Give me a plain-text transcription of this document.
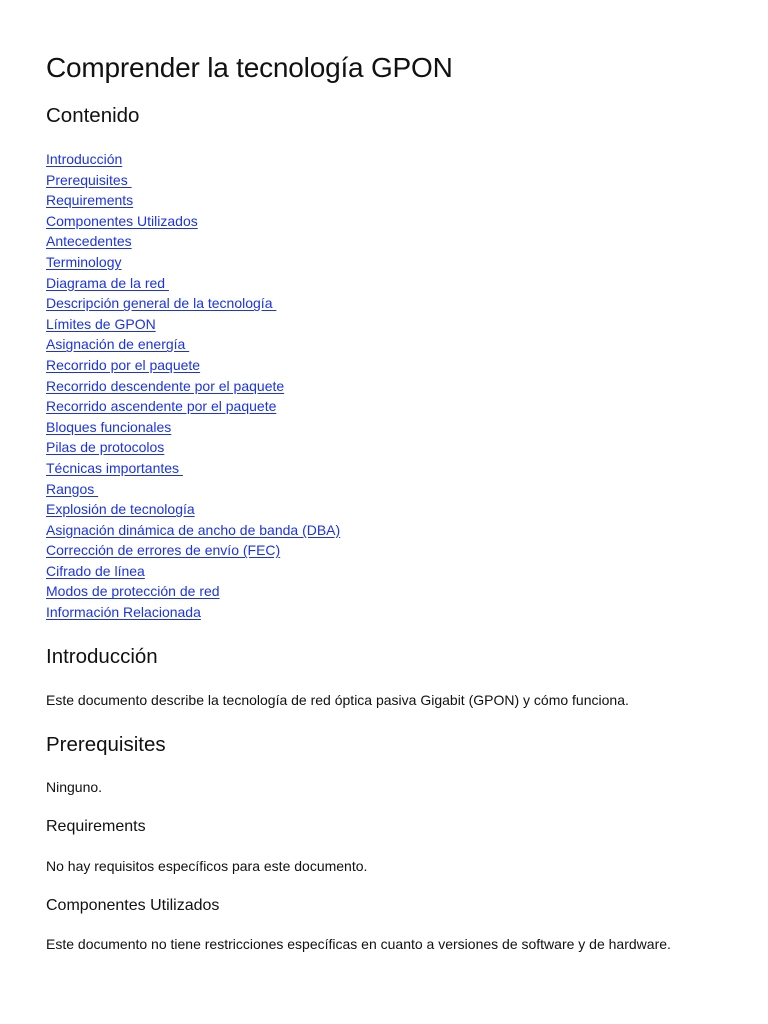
Comprender la tecnología GPON
Contenido
Introducción
Prerequisites
Requirements
Componentes Utilizados
Antecedentes
Terminology
Diagrama de la red
Descripción general de la tecnología
Límites de GPON
Asignación de energía
Recorrido por el paquete
Recorrido descendente por el paquete
Recorrido ascendente por el paquete
Bloques funcionales
Pilas de protocolos
Técnicas importantes
Rangos
Explosión de tecnología
Asignación dinámica de ancho de banda (DBA)
Corrección de errores de envío (FEC)
Cifrado de línea
Modos de protección de red
Información Relacionada
Introducción

Este documento describe la tecnología de red óptica pasiva Gigabit (GPON) y cómo funciona.

Prerequisites

Ninguno.

Requirements

No hay requisitos específicos para este documento.

Componentes Utilizados

Este documento no tiene restricciones específicas en cuanto a versiones de software y de hardware.
